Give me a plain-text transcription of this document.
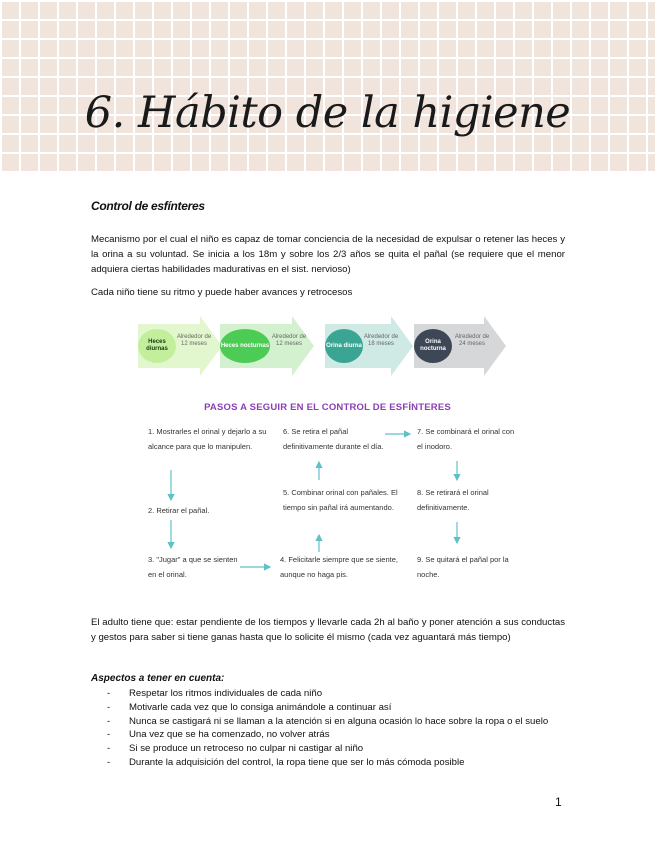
6. Hábito de la higiene
Control de esfínteres
Mecanismo por el cual el niño es capaz de tomar conciencia de la necesidad de expulsar o retener las heces y la orina a su voluntad. Se inicia a los 18m y sobre los 2/3 años se quita el pañal (se requiere que el menor adquiera ciertas habilidades madurativas en el sist. nervioso)
Cada niño tiene su ritmo y puede haber avances y retrocesos
Heces diurnas
Alrededor de 12 meses	Heces nocturnas
Alrededor de 12 meses	Orina diurna
Alrededor de 18 meses	Orina nocturna
Alrededor de 24 meses
PASOS A SEGUIR EN EL CONTROL DE ESFÍNTERES
1. Mostrarles el orinal y dejarlo a su alcance para que lo manipulen.
2. Retirar el pañal.
3. "Jugar" a que se sienten en el orinal.
4. Felicitarle siempre que se siente, aunque no haga pis.
5. Combinar orinal con pañales. El tiempo sin pañal irá aumentando.
6. Se retira el pañal definitivamente durante el día.
7. Se combinará el orinal con el inodoro.
8. Se retirará el orinal definitivamente.
9. Se quitará el pañal por la noche.
El adulto tiene que: estar pendiente de los tiempos y llevarle cada 2h al baño y poner atención a sus conductas y gestos para saber si tiene ganas hasta que lo solicite él mismo (cada vez aguantará más tiempo)
Aspectos a tener en cuenta:
- Respetar los ritmos individuales de cada niño
- Motivarle cada vez que lo consiga animándole a continuar así
- Nunca se castigará ni se llaman a la atención si en alguna ocasión lo hace sobre la ropa o el suelo
- Una vez que se ha comenzado, no volver atrás
- Si se produce un retroceso no culpar ni castigar al niño
- Durante la adquisición del control, la ropa tiene que ser lo más cómoda posible
1
